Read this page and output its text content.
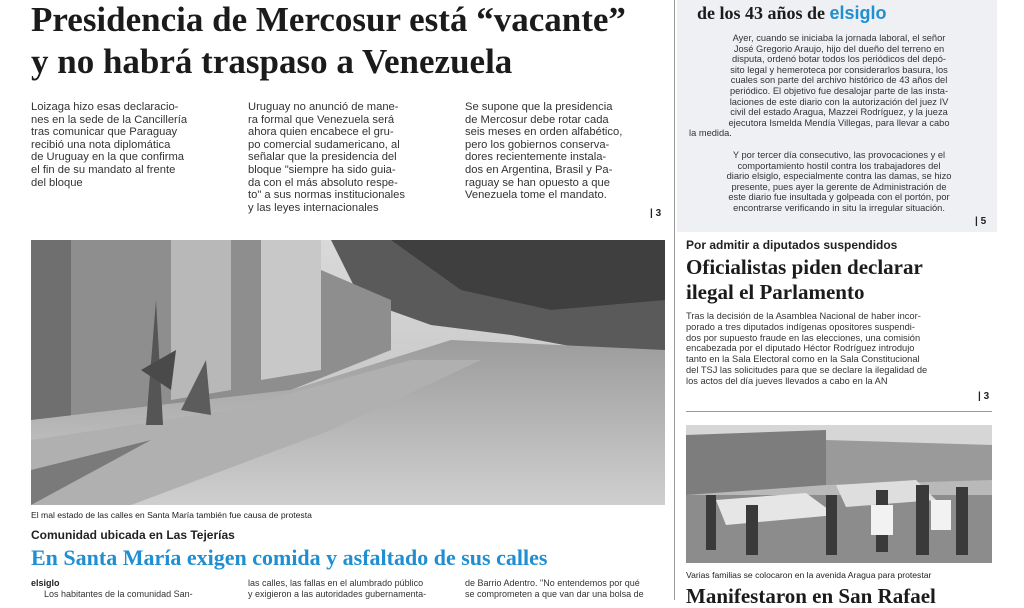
Presidencia de Mercosur está “vacante”
y no habrá traspaso a Venezuela
Loizaga hizo esas declaracio-
nes en la sede de la Cancillería
tras comunicar que Paraguay
recibió una nota diplomática
de Uruguay en la que confirma
el fin de su mandato al frente
del bloque
Uruguay no anunció de mane-
ra formal que Venezuela será
ahora quien encabece el gru-
po comercial sudamericano, al
señalar que la presidencia del
bloque "siempre ha sido guia-
da con el más absoluto respe-
to" a sus normas institucionales
y las leyes internacionales
Se supone que la presidencia
de Mercosur debe rotar cada
seis meses en orden alfabético,
pero los gobiernos conserva-
dores recientemente instala-
dos en Argentina, Brasil y Pa-
raguay se han opuesto a que
Venezuela tome el mandato.
| 3
El mal estado de las calles en Santa María también fue causa de protesta
Comunidad ubicada en Las Tejerías
En Santa María exigen comida y asfaltado de sus calles
elsiglo
Los habitantes de la comunidad San-
las calles, las fallas en el alumbrado público
y exigieron a las autoridades gubernamenta-
de Barrio Adentro. "No entendemos por qué
se comprometen a que van dar una bolsa de
de los 43 años de elsiglo
Ayer, cuando se iniciaba la jornada laboral, el señor
José Gregorio Araujo, hijo del dueño del terreno en
disputa, ordenó botar todos los periódicos del depó-
sito legal y hemeroteca por considerarlos basura, los
cuales son parte del archivo histórico de 43 años del
periódico. El objetivo fue desalojar parte de las insta-
laciones de este diario con la autorización del juez IV
civil del estado Aragua, Mazzei Rodríguez, y la jueza
ejecutora Ismelda Mendía Villegas, para llevar a cabo
la medida.
Y por tercer día consecutivo, las provocaciones y el
comportamiento hostil contra los trabajadores del
diario elsiglo, especialmente contra las damas, se hizo
presente, pues ayer la gerente de Administración de
este diario fue insultada y golpeada con el portón, por
encontrarse verificando in situ la irregular situación.
| 5
Por admitir a diputados suspendidos
Oficialistas piden declarar
ilegal el Parlamento
Tras la decisión de la Asamblea Nacional de haber incor-
porado a tres diputados indígenas opositores suspendi-
dos por supuesto fraude en las elecciones, una comisión
encabezada por el diputado Héctor Rodríguez introdujo
tanto en la Sala Electoral como en la Sala Constitucional
del TSJ las solicitudes para que se declare la ilegalidad de
los actos del día jueves llevados a cabo en la AN
| 3
Varias familias se colocaron en la avenida Aragua para protestar
Manifestaron en San Rafael
